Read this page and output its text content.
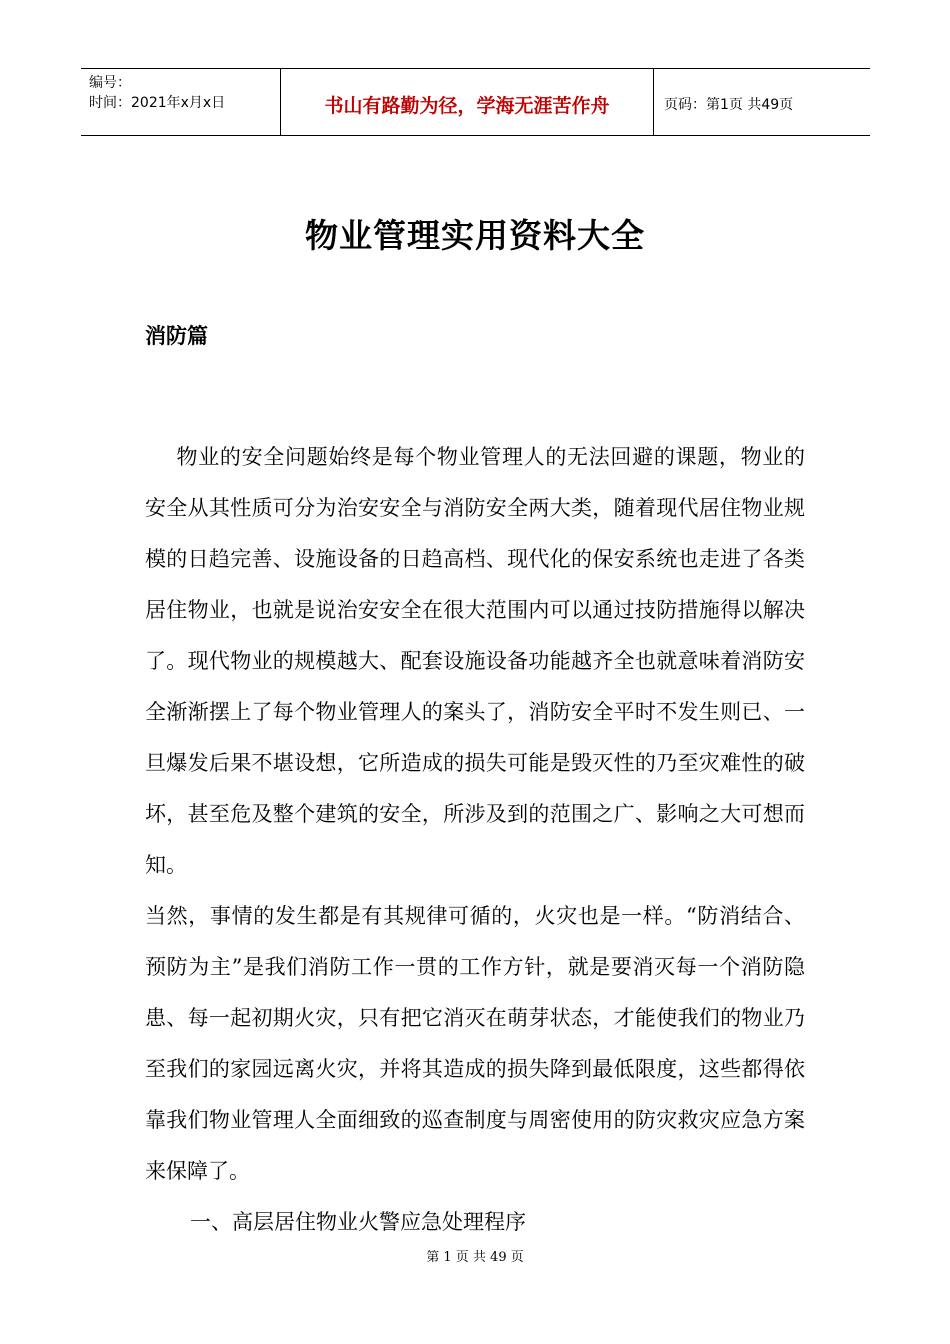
编号：
时间：2021年x月x日	书山有路勤为径，学海无涯苦作舟	页码：第1页 共49页
物业管理实用资料大全
消防篇

物业的安全问题始终是每个物业管理人的无法回避的课题，物业的安全从其性质可分为治安安全与消防安全两大类，随着现代居住物业规模的日趋完善、设施设备的日趋高档、现代化的保安系统也走进了各类居住物业，也就是说治安安全在很大范围内可以通过技防措施得以解决了。现代物业的规模越大、配套设施设备功能越齐全也就意味着消防安全渐渐摆上了每个物业管理人的案头了，消防安全平时不发生则已、一旦爆发后果不堪设想，它所造成的损失可能是毁灭性的乃至灾难性的破坏，甚至危及整个建筑的安全，所涉及到的范围之广、影响之大可想而知。

当然，事情的发生都是有其规律可循的，火灾也是一样。“防消结合、预防为主”是我们消防工作一贯的工作方针，就是要消灭每一个消防隐患、每一起初期火灾，只有把它消灭在萌芽状态，才能使我们的物业乃至我们的家园远离火灾，并将其造成的损失降到最低限度，这些都得依靠我们物业管理人全面细致的巡查制度与周密使用的防灾救灾应急方案来保障了。

一、高层居住物业火警应急处理程序

第 1 页 共 49 页
